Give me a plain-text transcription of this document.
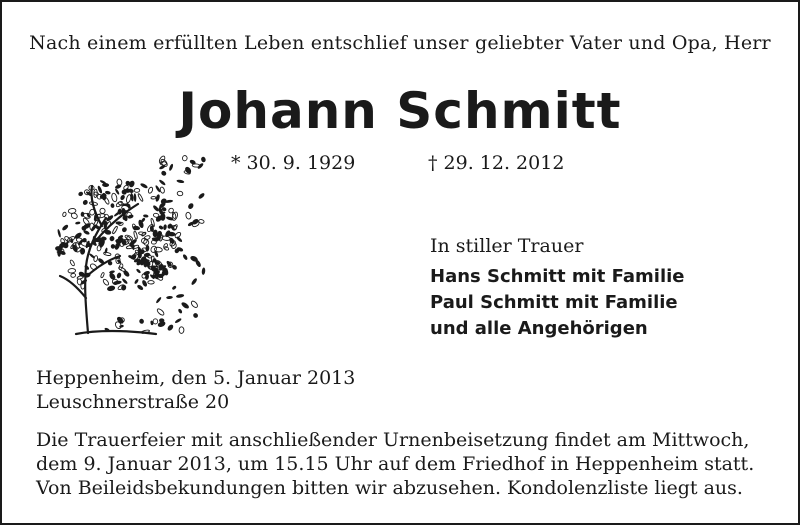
Nach einem erfüllten Leben entschlief unser geliebter Vater und Opa, Herr
Johann Schmitt
* 30. 9. 1929	† 29. 12. 2012
In stiller Trauer
Hans Schmitt mit Familie
Paul Schmitt mit Familie
und alle Angehörigen
Heppenheim, den 5. Januar 2013
Leuschnerstraße 20
Die Trauerfeier mit anschließender Urnenbeisetzung findet am Mittwoch,
dem 9. Januar 2013, um 15.15 Uhr auf dem Friedhof in Heppenheim statt.
Von Beileidsbekundungen bitten wir abzusehen. Kondolenzliste liegt aus.
